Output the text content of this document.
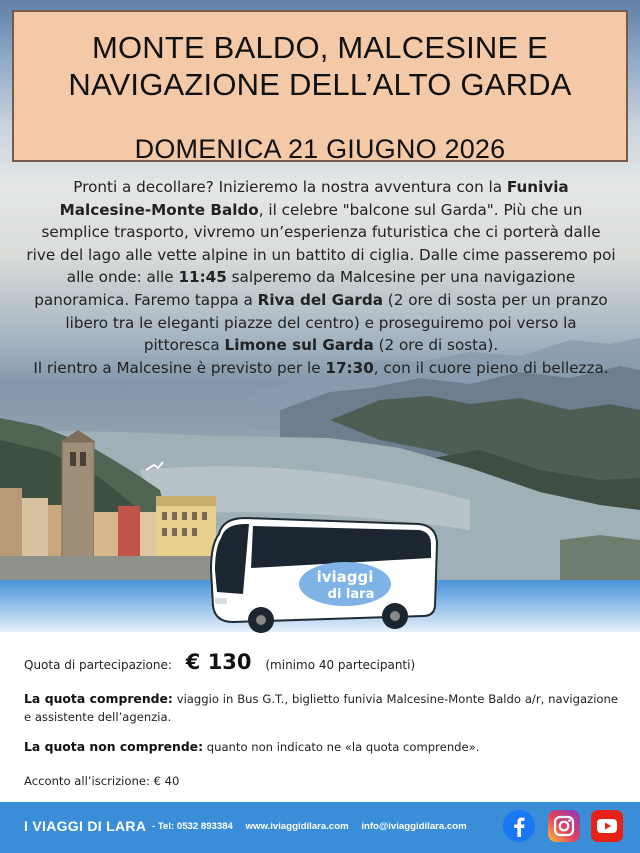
MONTE BALDO, MALCESINE E
NAVIGAZIONE DELL’ALTO GARDA
DOMENICA 21 GIUGNO 2026
Pronti a decollare? Inizieremo la nostra avventura con la Funivia Malcesine-Monte Baldo, il celebre "balcone sul Garda". Più che un semplice trasporto, vivremo un’esperienza futuristica che ci porterà dalle rive del lago alle vette alpine in un battito di ciglia. Dalle cime passeremo poi alle onde: alle 11:45 salperemo da Malcesine per una navigazione panoramica. Faremo tappa a Riva del Garda (2 ore di sosta per un pranzo libero tra le eleganti piazze del centro) e proseguiremo poi verso la pittoresca Limone sul Garda (2 ore di sosta).
Il rientro a Malcesine è previsto per le 17:30, con il cuore pieno di bellezza.
iviaggi
di lara
Quota di partecipazione: € 130 (minimo 40 partecipanti)
La quota comprende: viaggio in Bus G.T., biglietto funivia Malcesine-Monte Baldo a/r, navigazione e assistente dell’agenzia.
La quota non comprende: quanto non indicato ne «la quota comprende».
Acconto all’iscrizione: € 40
I VIAGGI DI LARA - Tel: 0532 893384 www.iviaggidilara.com info@iviaggidilara.com
